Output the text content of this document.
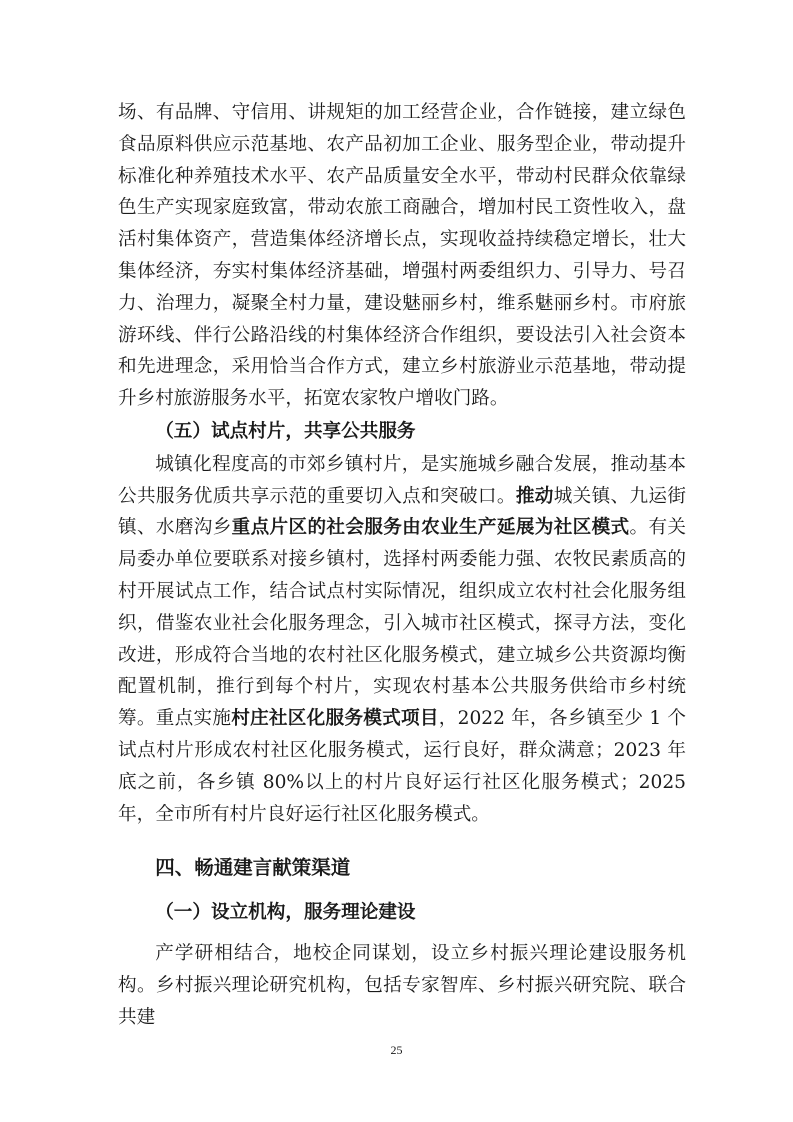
场、有品牌、守信用、讲规矩的加工经营企业，合作链接，建立绿色食品原料供应示范基地、农产品初加工企业、服务型企业，带动提升标准化种养殖技术水平、农产品质量安全水平，带动村民群众依靠绿色生产实现家庭致富，带动农旅工商融合，增加村民工资性收入，盘活村集体资产，营造集体经济增长点，实现收益持续稳定增长，壮大集体经济，夯实村集体经济基础，增强村两委组织力、引导力、号召力、治理力，凝聚全村力量，建设魅丽乡村，维系魅丽乡村。市府旅游环线、伴行公路沿线的村集体经济合作组织，要设法引入社会资本和先进理念，采用恰当合作方式，建立乡村旅游业示范基地，带动提升乡村旅游服务水平，拓宽农家牧户增收门路。

（五）试点村片，共享公共服务

城镇化程度高的市郊乡镇村片，是实施城乡融合发展，推动基本公共服务优质共享示范的重要切入点和突破口。推动城关镇、九运街镇、水磨沟乡重点片区的社会服务由农业生产延展为社区模式。有关局委办单位要联系对接乡镇村，选择村两委能力强、农牧民素质高的村开展试点工作，结合试点村实际情况，组织成立农村社会化服务组织，借鉴农业社会化服务理念，引入城市社区模式，探寻方法，变化改进，形成符合当地的农村社区化服务模式，建立城乡公共资源均衡配置机制，推行到每个村片，实现农村基本公共服务供给市乡村统筹。重点实施村庄社区化服务模式项目，2022 年，各乡镇至少 1 个试点村片形成农村社区化服务模式，运行良好，群众满意；2023 年底之前，各乡镇 80%以上的村片良好运行社区化服务模式；2025 年，全市所有村片良好运行社区化服务模式。

四、畅通建言献策渠道

（一）设立机构，服务理论建设

产学研相结合，地校企同谋划，设立乡村振兴理论建设服务机构。乡村振兴理论研究机构，包括专家智库、乡村振兴研究院、联合共建

25
